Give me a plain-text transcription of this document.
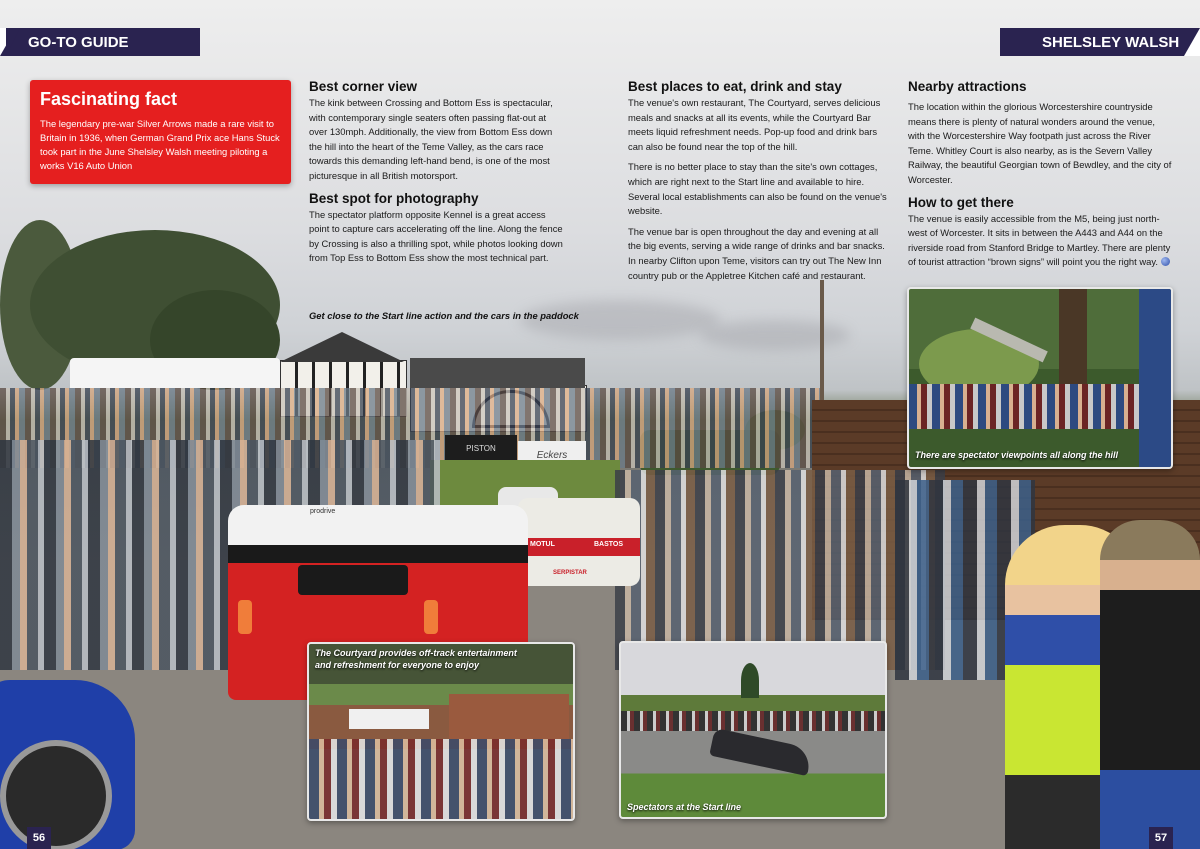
PISTON
Eckers
MOTUL	BASTOS
SERPISTAR
prodrive
GO-TO GUIDE	SHELSLEY WALSH
Fascinating fact

The legendary pre-war Silver Arrows made a rare visit to Britain in 1936, when German Grand Prix ace Hans Stuck took part in the June Shelsley Walsh meeting piloting a works V16 Auto Union

Best corner view

The kink between Crossing and Bottom Ess is spectacular, with contemporary single seaters often passing flat-out at over 130mph. Additionally, the view from Bottom Ess down the hill into the heart of the Teme Valley, as the cars race towards this demanding left-hand bend, is one of the most picturesque in all British motorsport.

Best spot for photography

The spectator platform opposite Kennel is a great access point to capture cars accelerating off the line. Along the fence by Crossing is also a thrilling spot, while photos looking down from Top Ess to Bottom Ess show the most technical part.

Get close to the Start line action and the cars in the paddock
Best places to eat, drink and stay

The venue's own restaurant, The Courtyard, serves delicious meals and snacks at all its events, while the Courtyard Bar meets liquid refreshment needs. Pop-up food and drink bars can also be found near the top of the hill.

There is no better place to stay than the site's own cottages, which are right next to the Start line and available to hire. Several local establishments can also be found on the venue's website.

The venue bar is open throughout the day and evening at all the big events, serving a wide range of drinks and bar snacks. In nearby Clifton upon Teme, visitors can try out The New Inn country pub or the Appletree Kitchen café and restaurant.

Nearby attractions

The location within the glorious Worcestershire countryside means there is plenty of natural wonders around the venue, with the Worcestershire Way footpath just across the River Teme. Whitley Court is also nearby, as is the Severn Valley Railway, the beautiful Georgian town of Bewdley, and the city of Worcester.

How to get there

The venue is easily accessible from the M5, being just north-west of Worcester. It sits in between the A443 and A44 on the riverside road from Stanford Bridge to Martley. There are plenty of tourist attraction “brown signs” will point you the right way.

There are spectator viewpoints all along the hill
The Courtyard provides off-track entertainment and refreshment for everyone to enjoy
Spectators at the Start line
56	57
